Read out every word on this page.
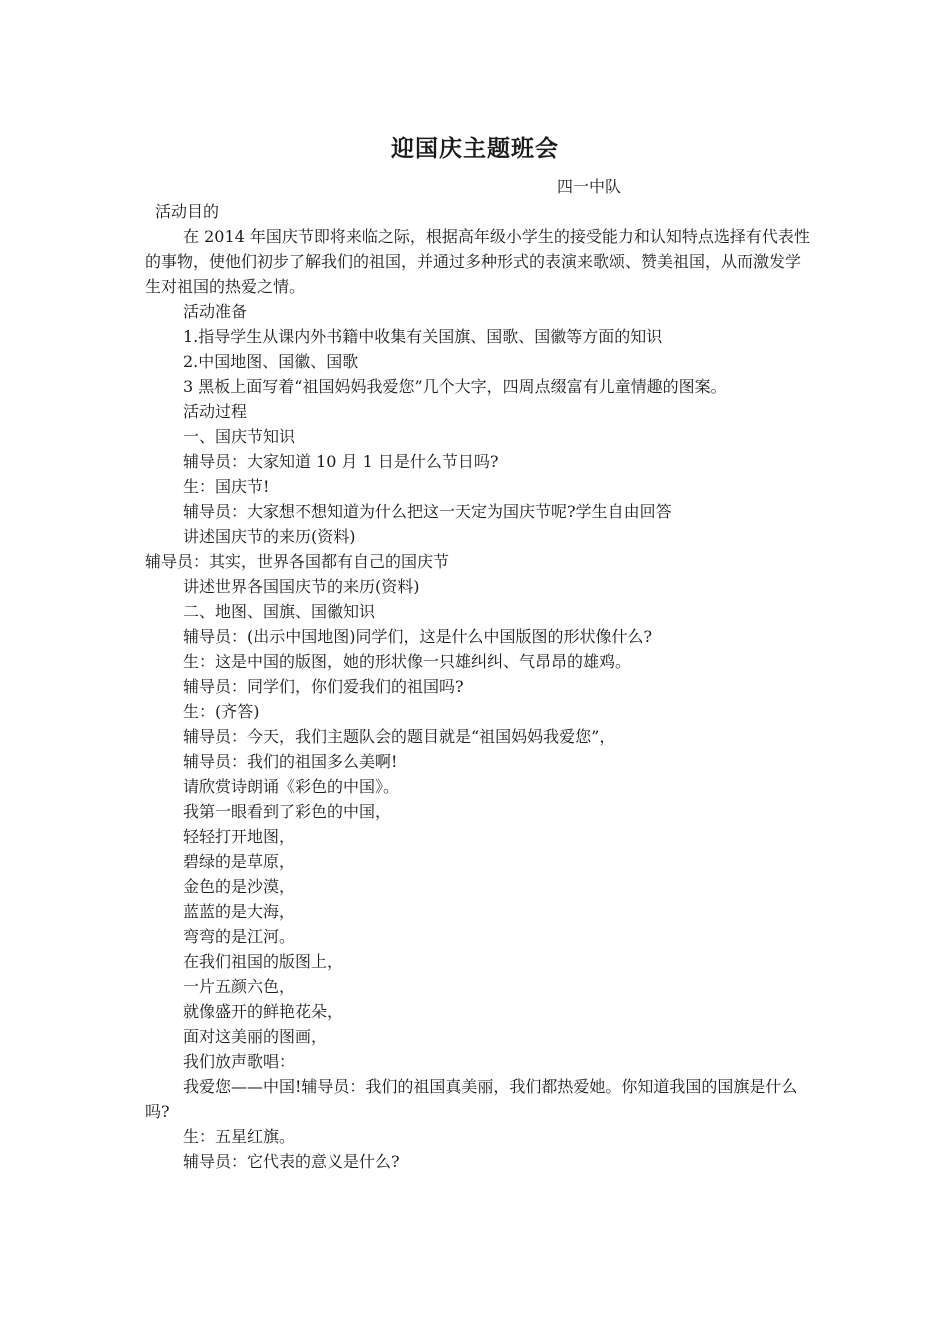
迎国庆主题班会
四一中队

活动目的

在 2014 年国庆节即将来临之际，根据高年级小学生的接受能力和认知特点选择有代表性的事物，使他们初步了解我们的祖国，并通过多种形式的表演来歌颂、赞美祖国，从而激发学生对祖国的热爱之情。

活动准备

1.指导学生从课内外书籍中收集有关国旗、国歌、国徽等方面的知识

2.中国地图、国徽、国歌

3 黑板上面写着“祖国妈妈我爱您”几个大字，四周点缀富有儿童情趣的图案。

活动过程

一、国庆节知识

辅导员：大家知道 10 月 1 日是什么节日吗?

生：国庆节!

辅导员：大家想不想知道为什么把这一天定为国庆节呢?学生自由回答

讲述国庆节的来历(资料)

辅导员：其实，世界各国都有自己的国庆节

讲述世界各国国庆节的来历(资料)

二、地图、国旗、国徽知识

辅导员：(出示中国地图)同学们，这是什么中国版图的形状像什么?

生：这是中国的版图，她的形状像一只雄纠纠、气昂昂的雄鸡。

辅导员：同学们，你们爱我们的祖国吗?

生：(齐答)

辅导员：今天，我们主题队会的题目就是“祖国妈妈我爱您”，

辅导员：我们的祖国多么美啊!

请欣赏诗朗诵《彩色的中国》。

我第一眼看到了彩色的中国，

轻轻打开地图，

碧绿的是草原，

金色的是沙漠，

蓝蓝的是大海，

弯弯的是江河。

在我们祖国的版图上，

一片五颜六色，

就像盛开的鲜艳花朵，

面对这美丽的图画，

我们放声歌唱：

我爱您——中国!辅导员：我们的祖国真美丽，我们都热爱她。你知道我国的国旗是什么吗?

生：五星红旗。

辅导员：它代表的意义是什么?
